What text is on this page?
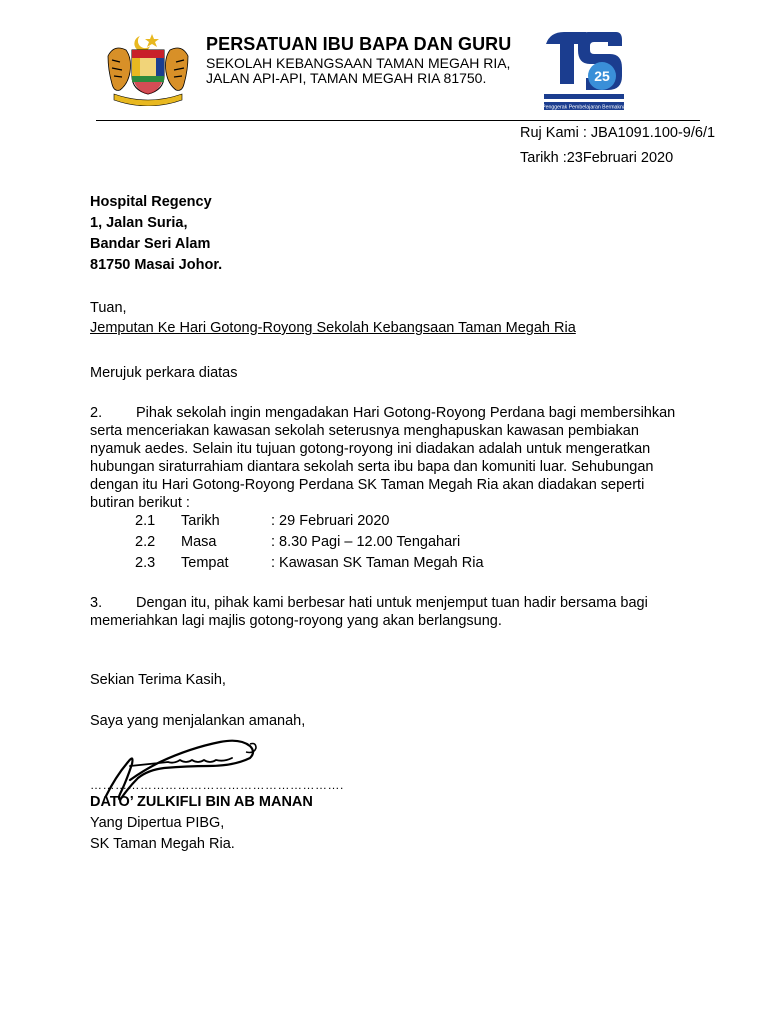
PERSATUAN IBU BAPA DAN GURU
SEKOLAH KEBANGSAAN TAMAN MEGAH RIA,
JALAN API-API, TAMAN MEGAH RIA 81750.	25
Penggerak Pembelajaran Bermakna
Ruj Kami : JBA1091.100-9/6/1
Tarikh :23Februari 2020
Hospital Regency
1, Jalan Suria,
Bandar Seri Alam
81750 Masai Johor.
Tuan,
Jemputan Ke Hari Gotong-Royong Sekolah Kebangsaan Taman Megah Ria
Merujuk perkara diatas
2. Pihak sekolah ingin mengadakan Hari Gotong-Royong Perdana bagi membersihkan serta menceriakan kawasan sekolah seterusnya menghapuskan kawasan pembiakan nyamuk aedes. Selain itu tujuan gotong-royong ini diadakan adalah untuk mengeratkan hubungan siraturrahiam diantara sekolah serta ibu bapa dan komuniti luar. Sehubungan dengan itu Hari Gotong-Royong Perdana SK Taman Megah Ria akan diadakan seperti butiran berikut :
2.1 Tarikh	: 29 Februari 2020
2.2 Masa	: 8.30 Pagi – 12.00 Tengahari
2.3 Tempat	: Kawasan SK Taman Megah Ria
3. Dengan itu, pihak kami berbesar hati untuk menjemput tuan hadir bersama bagi memeriahkan lagi majlis gotong-royong yang akan berlangsung.
Sekian Terima Kasih,
Saya yang menjalankan amanah,
…………………………………………………….
DATO’ ZULKIFLI BIN AB MANAN
Yang Dipertua PIBG,
SK Taman Megah Ria.
